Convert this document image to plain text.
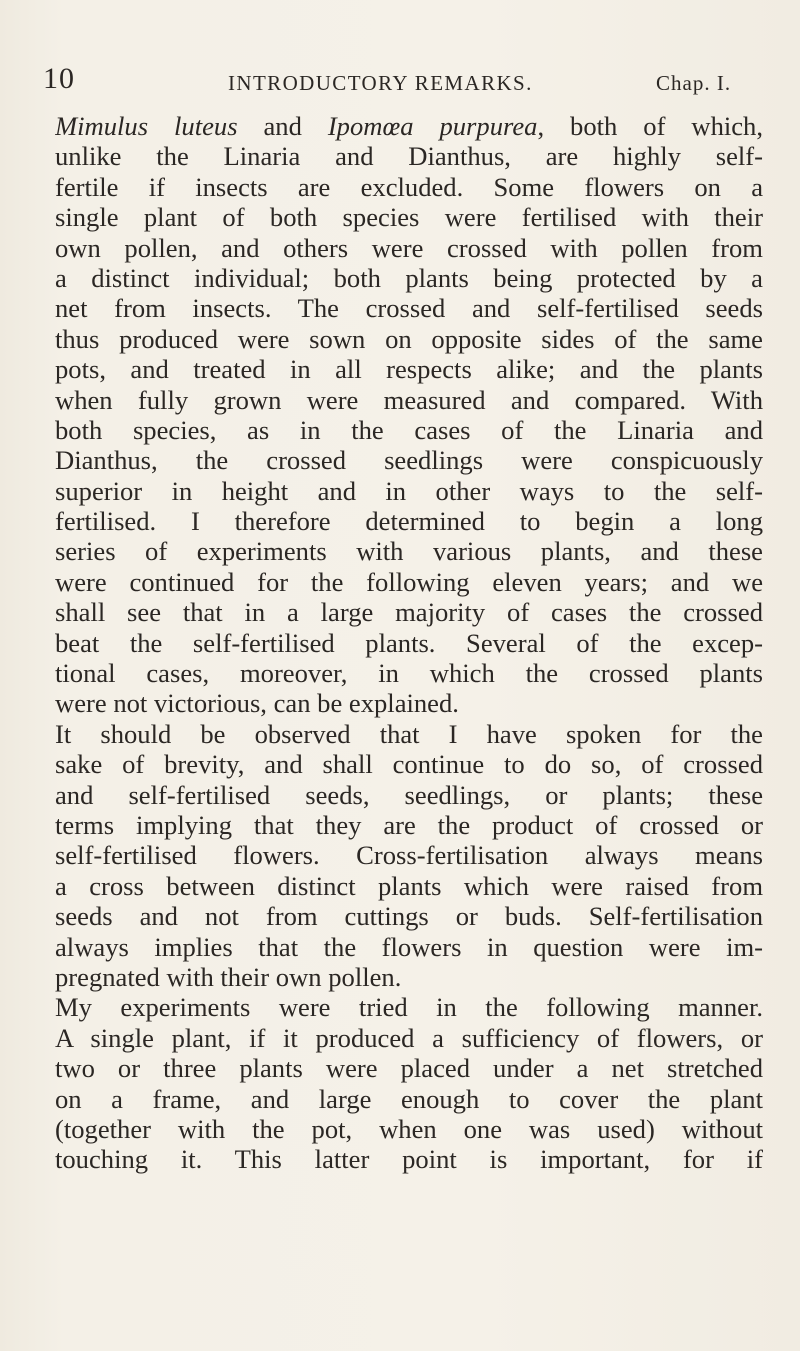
10	INTRODUCTORY REMARKS.	Chap. I.

Mimulus luteus and Ipomœa purpurea, both of which,
unlike the Linaria and Dianthus, are highly self-
fertile if insects are excluded. Some flowers on a
single plant of both species were fertilised with their
own pollen, and others were crossed with pollen from
a distinct individual; both plants being protected by a
net from insects. The crossed and self-fertilised seeds
thus produced were sown on opposite sides of the same
pots, and treated in all respects alike; and the plants
when fully grown were measured and compared. With
both species, as in the cases of the Linaria and
Dianthus, the crossed seedlings were conspicuously
superior in height and in other ways to the self-
fertilised. I therefore determined to begin a long
series of experiments with various plants, and these
were continued for the following eleven years; and we
shall see that in a large majority of cases the crossed
beat the self-fertilised plants. Several of the excep-
tional cases, moreover, in which the crossed plants
were not victorious, can be explained.

It should be observed that I have spoken for the
sake of brevity, and shall continue to do so, of crossed
and self-fertilised seeds, seedlings, or plants; these
terms implying that they are the product of crossed or
self-fertilised flowers. Cross-fertilisation always means
a cross between distinct plants which were raised from
seeds and not from cuttings or buds. Self-fertilisation
always implies that the flowers in question were im-
pregnated with their own pollen.

My experiments were tried in the following manner.
A single plant, if it produced a sufficiency of flowers, or
two or three plants were placed under a net stretched
on a frame, and large enough to cover the plant
(together with the pot, when one was used) without
touching it. This latter point is important, for if
